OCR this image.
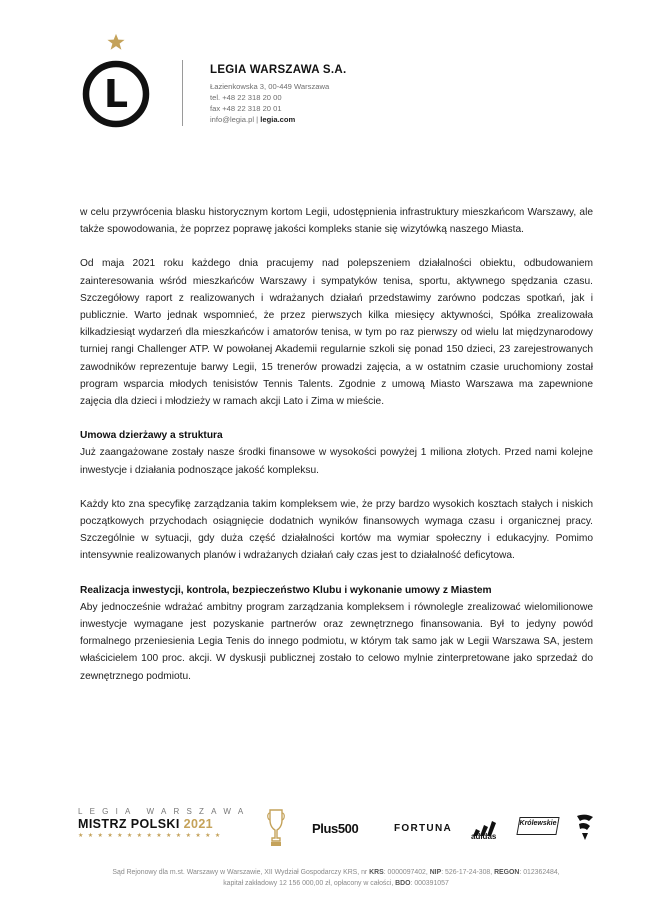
L
LEGIA WARSZAWA S.A.
Łazienkowska 3, 00-449 Warszawa
tel. +48 22 318 20 00
fax +48 22 318 20 01
info@legia.pl | legia.com

w celu przywrócenia blasku historycznym kortom Legii, udostępnienia infrastruktury mieszkańcom Warszawy, ale także spowodowania, że poprzez poprawę jakości kompleks stanie się wizytówką naszego Miasta.

Od maja 2021 roku każdego dnia pracujemy nad polepszeniem działalności obiektu, odbudowaniem zainteresowania wśród mieszkańców Warszawy i sympatyków tenisa, sportu, aktywnego spędzania czasu. Szczegółowy raport z realizowanych i wdrażanych działań przedstawimy zarówno podczas spotkań, jak i publicznie. Warto jednak wspomnieć, że przez pierwszych kilka miesięcy aktywności, Spółka zrealizowała kilkadziesiąt wydarzeń dla mieszkańców i amatorów tenisa, w tym po raz pierwszy od wielu lat międzynarodowy turniej rangi Challenger ATP. W powołanej Akademii regularnie szkoli się ponad 150 dzieci, 23 zarejestrowanych zawodników reprezentuje barwy Legii, 15 trenerów prowadzi zajęcia, a w ostatnim czasie uruchomiony został program wsparcia młodych tenisistów Tennis Talents. Zgodnie z umową Miasto Warszawa ma zapewnione zajęcia dla dzieci i młodzieży w ramach akcji Lato i Zima w mieście.

Umowa dzierżawy a struktura

Już zaangażowane zostały nasze środki finansowe w wysokości powyżej 1 miliona złotych. Przed nami kolejne inwestycje i działania podnoszące jakość kompleksu.

Każdy kto zna specyfikę zarządzania takim kompleksem wie, że przy bardzo wysokich kosztach stałych i niskich początkowych przychodach osiągnięcie dodatnich wyników finansowych wymaga czasu i organicznej pracy. Szczególnie w sytuacji, gdy duża część działalności kortów ma wymiar społeczny i edukacyjny. Pomimo intensywnie realizowanych planów i wdrażanych działań cały czas jest to działalność deficytowa.

Realizacja inwestycji, kontrola, bezpieczeństwo Klubu i wykonanie umowy z Miastem

Aby jednocześnie wdrażać ambitny program zarządzania kompleksem i równolegle zrealizować wielomilionowe inwestycje wymagane jest pozyskanie partnerów oraz zewnętrznego finansowania. Był to jedyny powód formalnego przeniesienia Legia Tenis do innego podmiotu, w którym tak samo jak w Legii Warszawa SA, jestem właścicielem 100 proc. akcji. W dyskusji publicznej zostało to celowo mylnie zinterpretowane jako sprzedaż do zewnętrznego podmiotu.

LEGIA WARSZAWA
MISTRZ POLSKI 2021
★★★★★★★★★★★★★★★	Plus500	FORTUNA
adidas
Królewskie
Sąd Rejonowy dla m.st. Warszawy w Warszawie, XII Wydział Gospodarczy KRS, nr KRS: 0000097402, NIP: 526-17-24-308, REGON: 012362484,
kapitał zakładowy 12 156 000,00 zł, opłacony w całości, BDO: 000391057
